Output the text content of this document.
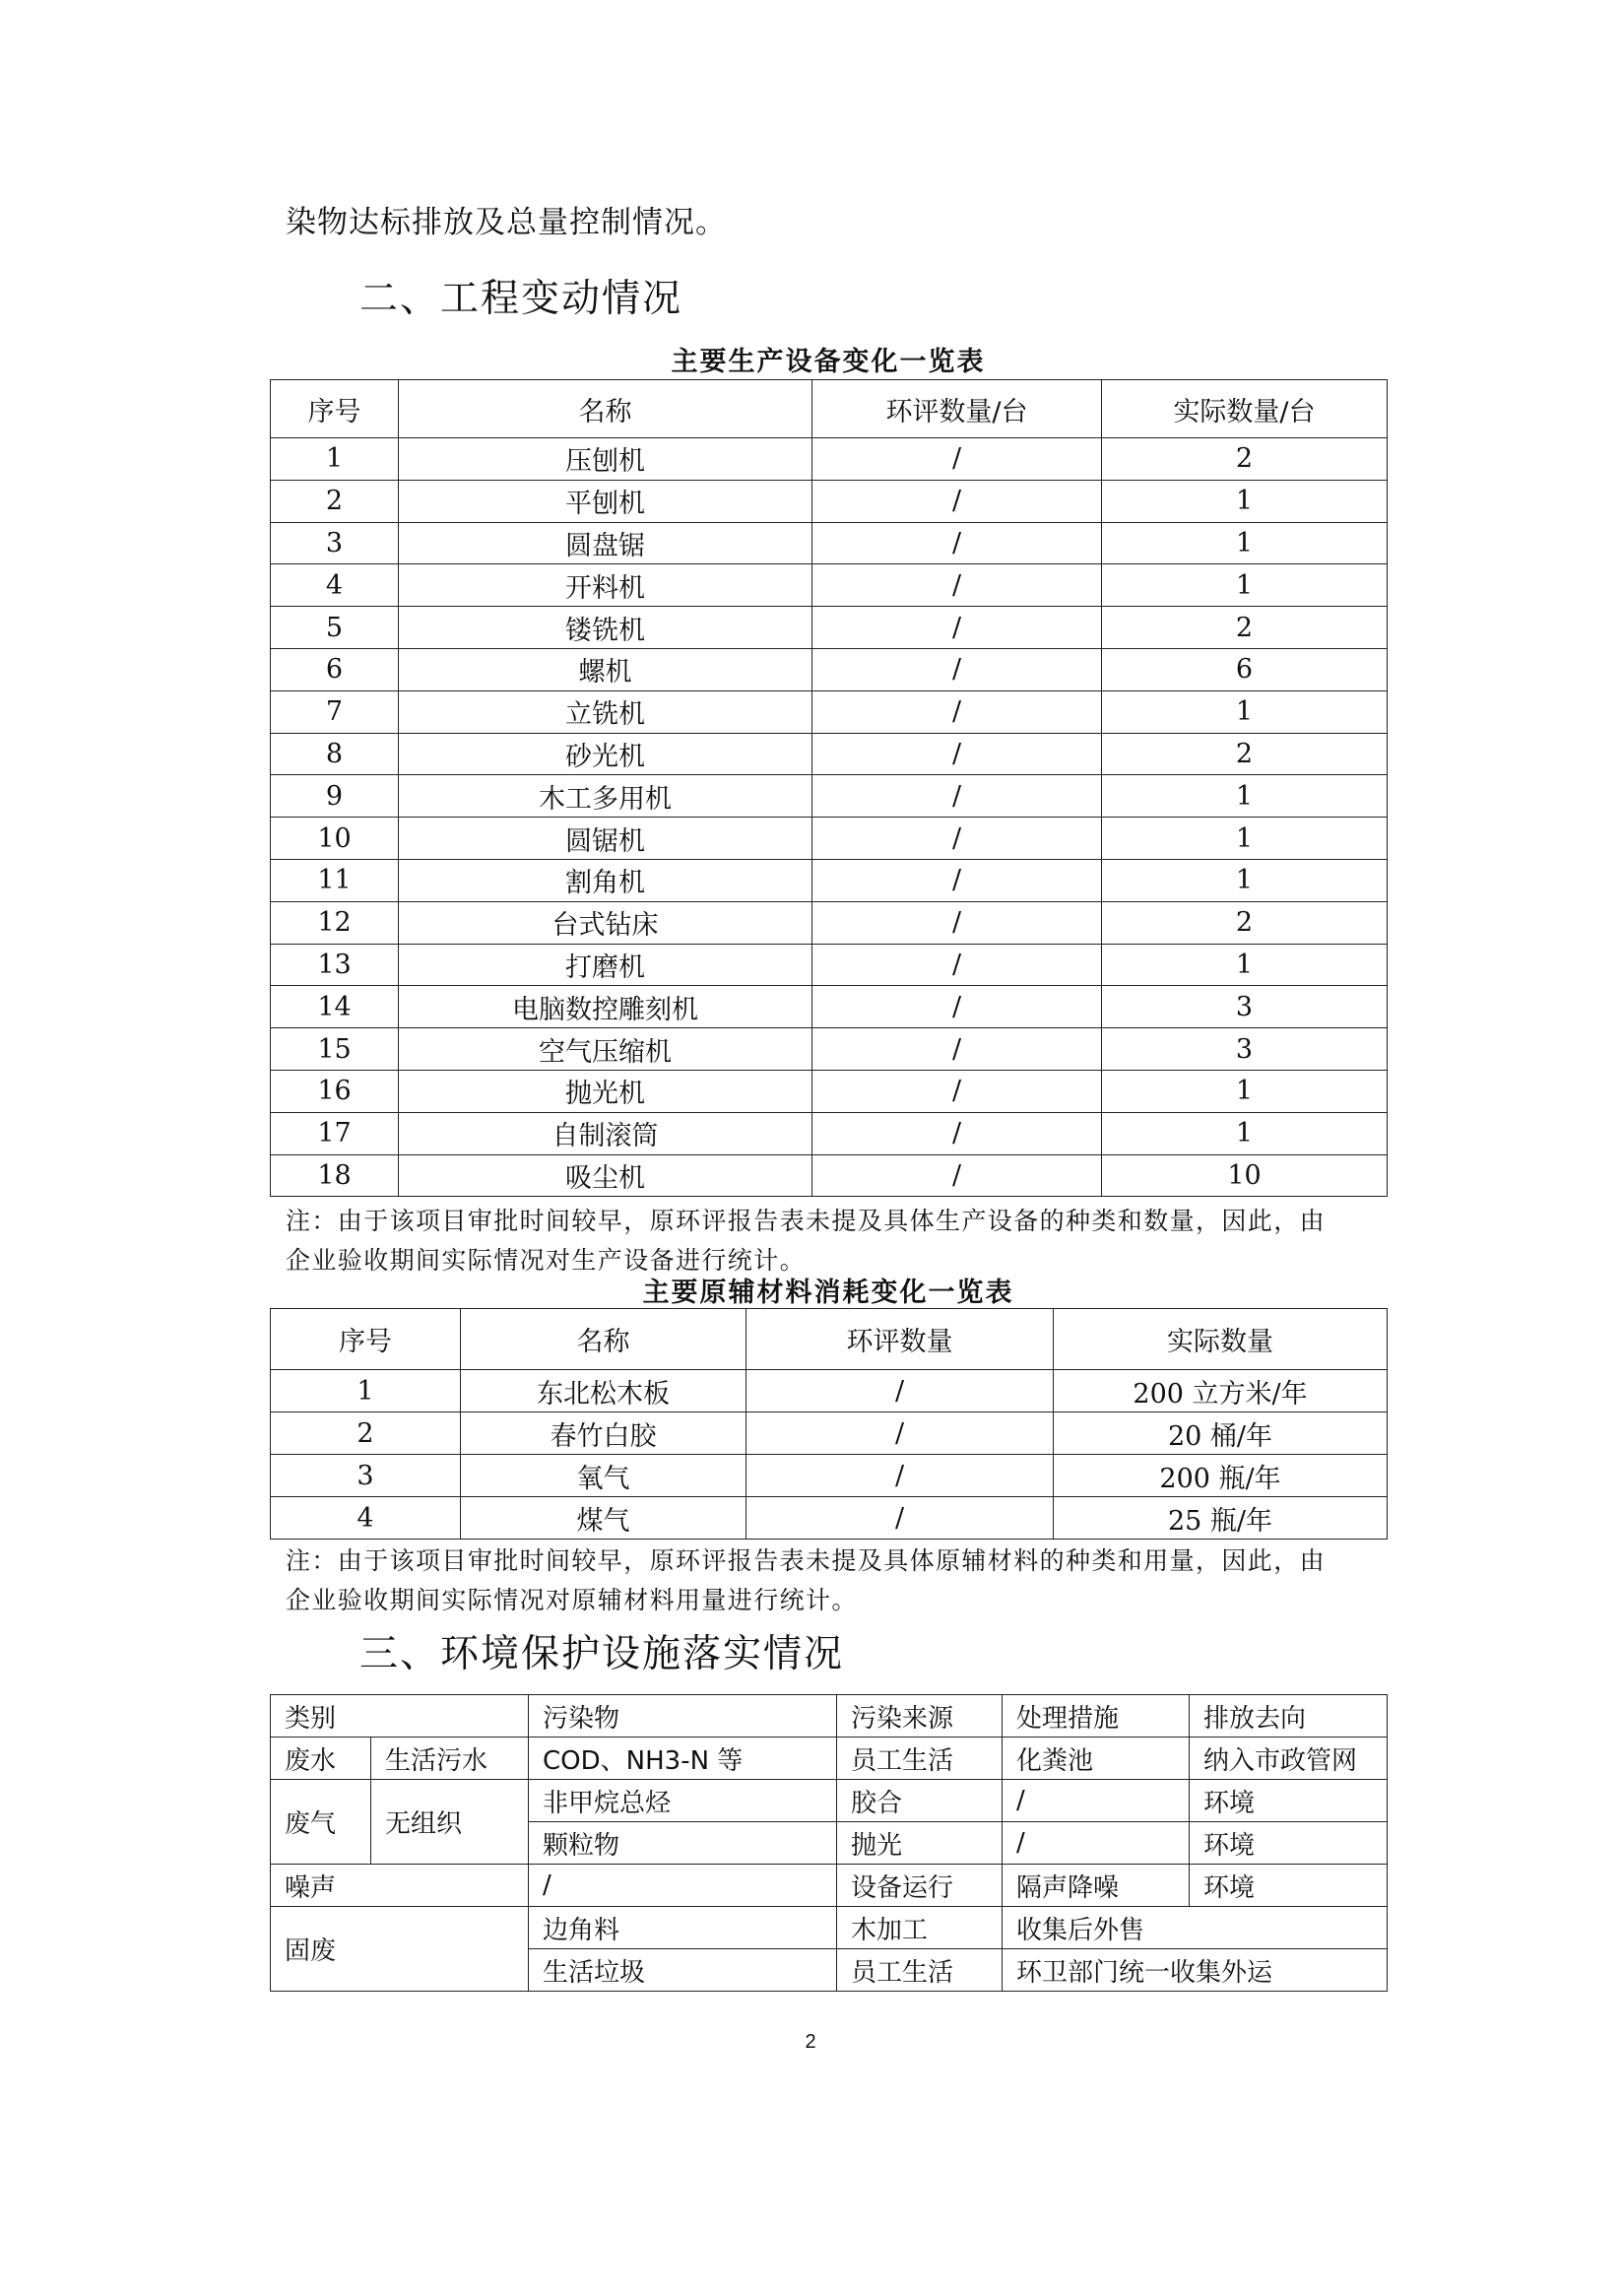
染物达标排放及总量控制情况。
二、工程变动情况
主要生产设备变化一览表
序号	名称	环评数量/台	实际数量/台
1	压刨机	/	2
2	平刨机	/	1
3	圆盘锯	/	1
4	开料机	/	1
5	镂铣机	/	2
6	螺机	/	6
7	立铣机	/	1
8	砂光机	/	2
9	木工多用机	/	1
10	圆锯机	/	1
11	割角机	/	1
12	台式钻床	/	2
13	打磨机	/	1
14	电脑数控雕刻机	/	3
15	空气压缩机	/	3
16	抛光机	/	1
17	自制滚筒	/	1
18	吸尘机	/	10
注：由于该项目审批时间较早，原环评报告表未提及具体生产设备的种类和数量，因此，由
企业验收期间实际情况对生产设备进行统计。
主要原辅材料消耗变化一览表
序号	名称	环评数量	实际数量
1	东北松木板	/	200 立方米/年
2	春竹白胶	/	20 桶/年
3	氧气	/	200 瓶/年
4	煤气	/	25 瓶/年
注：由于该项目审批时间较早，原环评报告表未提及具体原辅材料的种类和用量，因此，由
企业验收期间实际情况对原辅材料用量进行统计。
三、环境保护设施落实情况
类别		污染物	污染来源	处理措施	排放去向
废水	生活污水	COD、NH3-N 等	员工生活	化粪池	纳入市政管网
废气	无组织	非甲烷总烃	胶合	/	环境
		颗粒物	抛光	/	环境
噪声		/	设备运行	隔声降噪	环境
固废		边角料	木加工	收集后外售	
		生活垃圾	员工生活	环卫部门统一收集外运	
2
